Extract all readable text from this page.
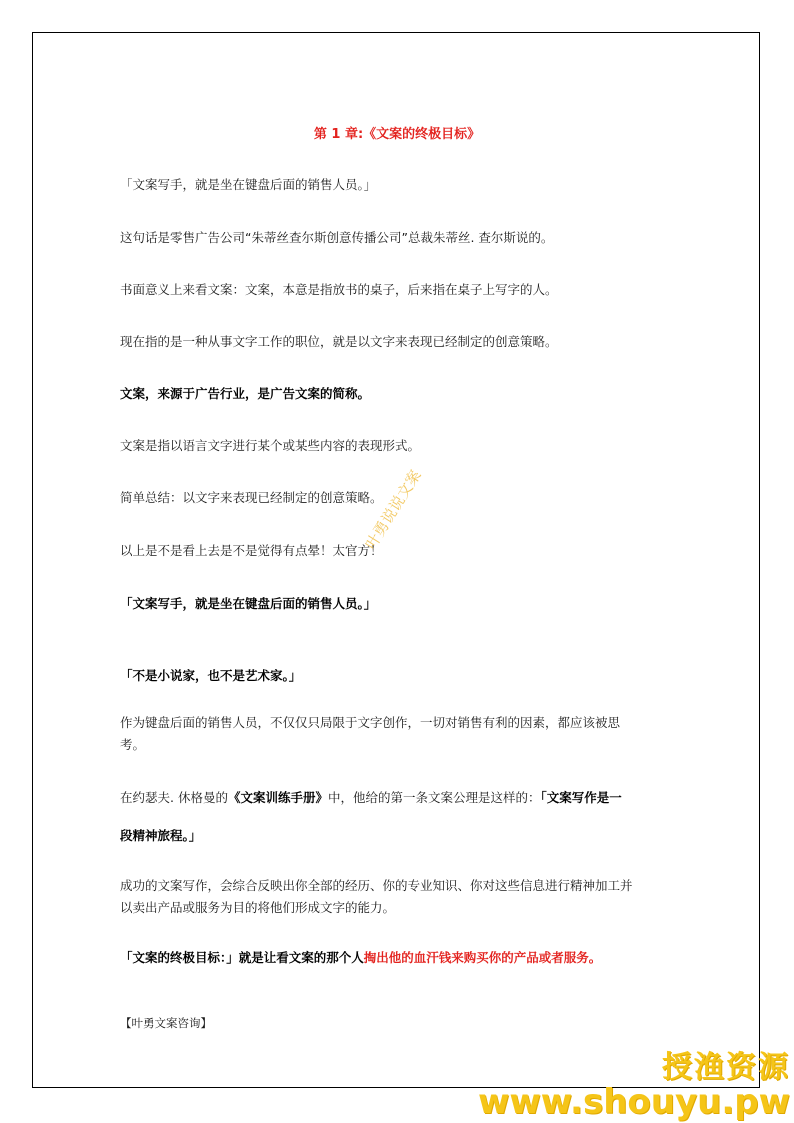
第 1 章:《文案的终极目标》

「文案写手，就是坐在键盘后面的销售人员。」

这句话是零售广告公司“朱蒂丝查尔斯创意传播公司”总裁朱蒂丝. 查尔斯说的。

书面意义上来看文案：文案，本意是指放书的桌子，后来指在桌子上写字的人。

现在指的是一种从事文字工作的职位，就是以文字来表现已经制定的创意策略。

文案，来源于广告行业，是广告文案的简称。

文案是指以语言文字进行某个或某些内容的表现形式。

简单总结：以文字来表现已经制定的创意策略。

以上是不是看上去是不是觉得有点晕！太官方！

「文案写手，就是坐在键盘后面的销售人员。」

「不是小说家，也不是艺术家。」

作为键盘后面的销售人员，不仅仅只局限于文字创作，一切对销售有利的因素，都应该被思

考。

在约瑟夫. 休格曼的《文案训练手册》中，他给的第一条文案公理是这样的：「文案写作是一

段精神旅程。」

成功的文案写作，会综合反映出你全部的经历、你的专业知识、你对这些信息进行精神加工并

以卖出产品或服务为目的将他们形成文字的能力。

「文案的终极目标：」就是让看文案的那个人掏出他的血汗钱来购买你的产品或者服务。

【叶勇文案咨询】

叶勇说说文案
授渔资源
www.shouyu.pw
